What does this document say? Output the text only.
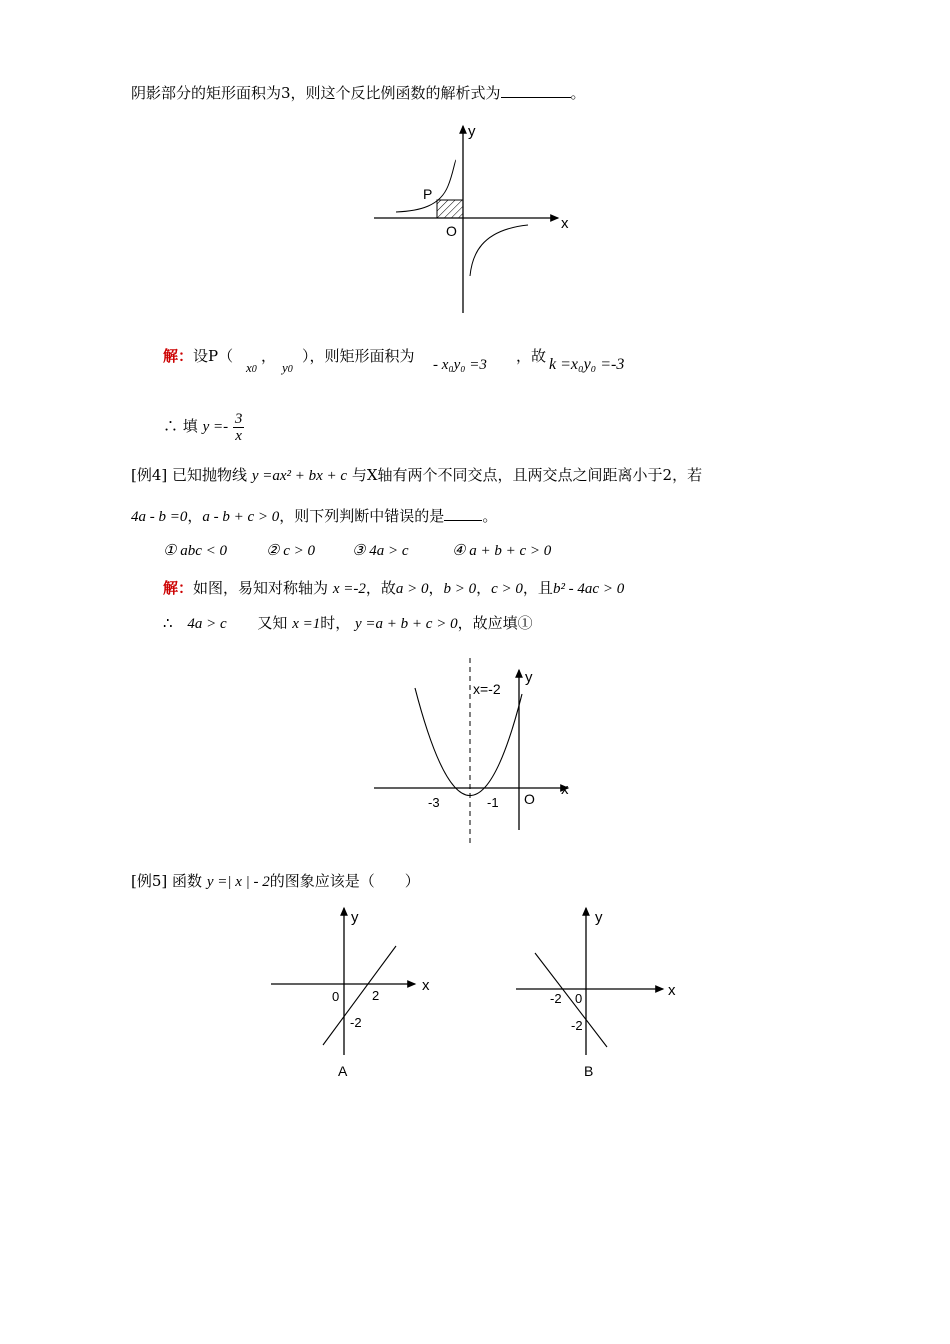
阴影部分的矩形面积为3，则这个反比例函数的解析式为	。
y
x
O
P
解：设P（
x0
，
y0
），则矩形面积为 - x₀y₀ =3 ，故 k =x₀y₀ =-3
∴ 填 $y =- \frac{3}{x}$
[例4] 已知抛物线 y =ax² + bx + c 与X轴有两个不同交点，且两交点之间距离小于2，若
4a - b =0，a - b + c > 0，则下列判断中错误的是	。
① abc < 0	② c > 0 ③ 4a > c	④ a + b + c > 0
解：如图，易知对称轴为 x =-2，故a > 0，b > 0，c > 0，且b² - 4ac > 0
∴ 4a > c 又知 x =1时， y =a + b + c > 0，故应填①
x=-2
y
x
O
-3	-1
[例5] 函数 y =| x | - 2的图象应该是（　　）
y
x
0	2
-2
A
y
x
-2 0
-2
B
